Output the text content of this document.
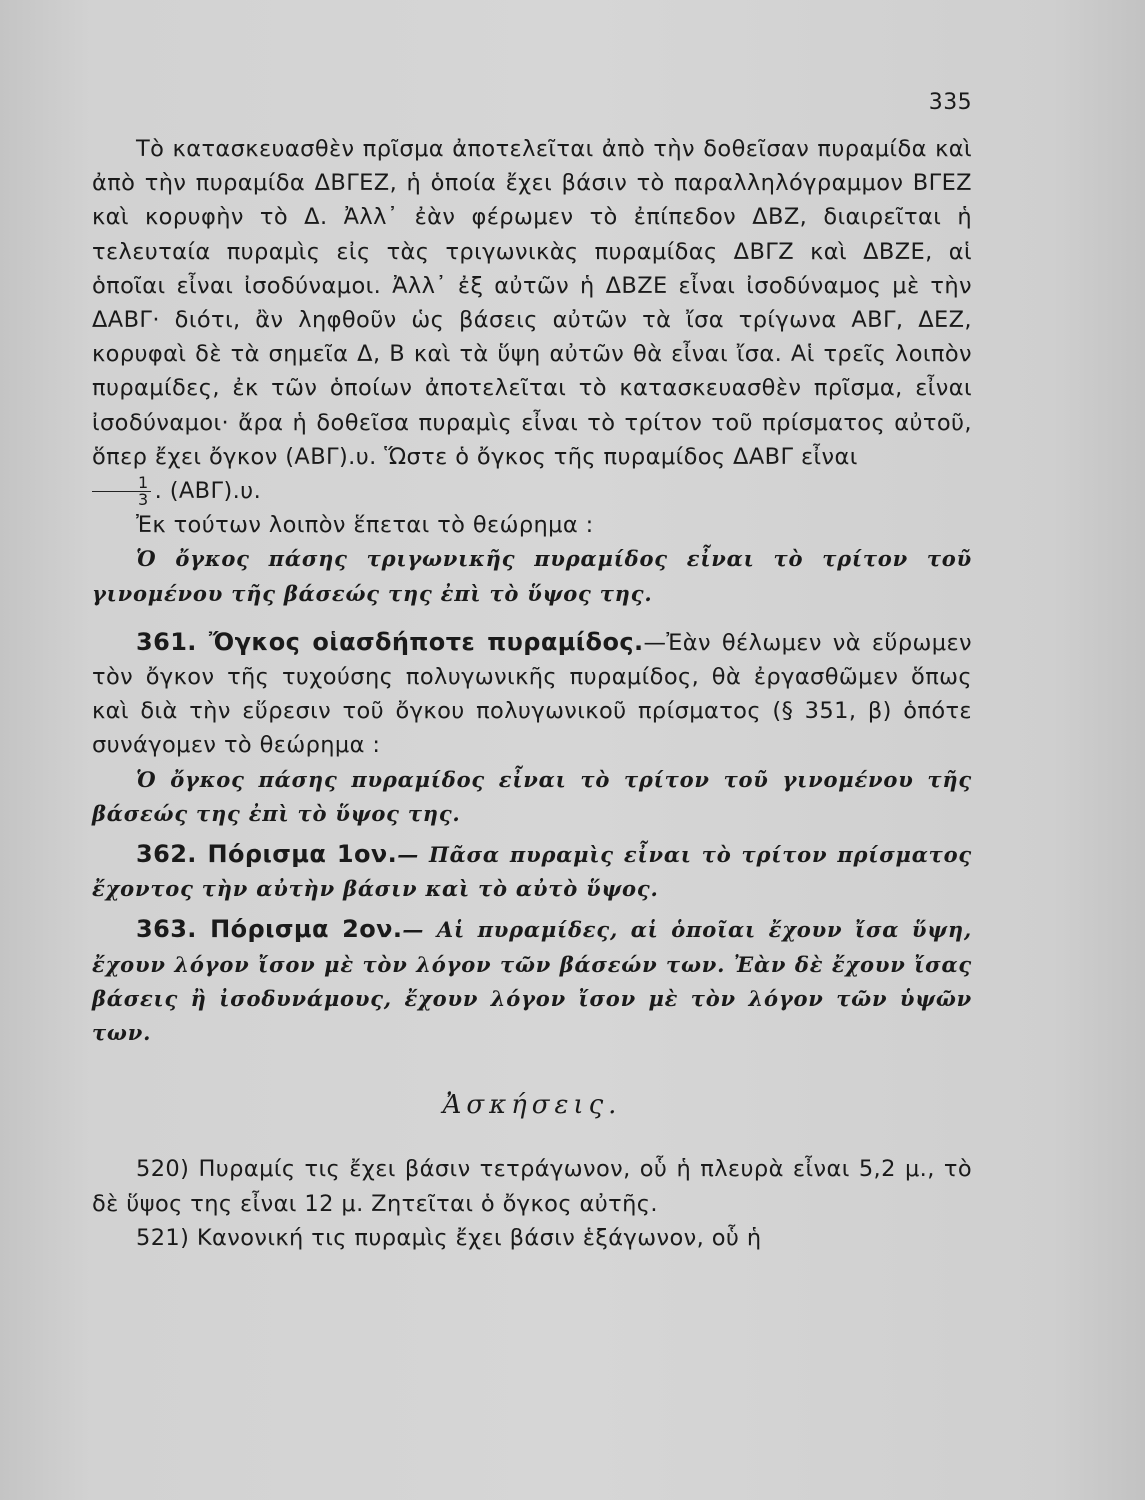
335

Τὸ κατασκευασθὲν πρῖσμα ἀποτελεῖται ἀπὸ τὴν δοθεῖσαν πυραμίδα καὶ ἀπὸ τὴν πυραμίδα ΔΒΓΕΖ, ἡ ὁποία ἔχει βάσιν τὸ παραλληλόγραμμον ΒΓΕΖ καὶ κορυφὴν τὸ Δ. Ἀλλ᾽ ἐὰν φέρωμεν τὸ ἐπίπεδον ΔΒΖ, διαιρεῖται ἡ τελευταία πυραμὶς εἰς τὰς τριγωνικὰς πυραμίδας ΔΒΓΖ καὶ ΔΒΖΕ, αἱ ὁποῖαι εἶναι ἰσοδύναμοι. Ἀλλ᾽ ἐξ αὐτῶν ἡ ΔΒΖΕ εἶναι ἰσοδύναμος μὲ τὴν ΔΑΒΓ· διότι, ἂν ληφθοῦν ὡς βάσεις αὐτῶν τὰ ἴσα τρίγωνα ΑΒΓ, ΔΕΖ, κορυφαὶ δὲ τὰ σημεῖα Δ, Β καὶ τὰ ὕψη αὐτῶν θὰ εἶναι ἴσα. Αἱ τρεῖς λοιπὸν πυραμίδες, ἐκ τῶν ὁποίων ἀποτελεῖται τὸ κατασκευασθὲν πρῖσμα, εἶναι ἰσοδύναμοι· ἄρα ἡ δοθεῖσα πυραμὶς εἶναι τὸ τρίτον τοῦ πρίσματος αὐτοῦ, ὅπερ ἔχει ὄγκον (ΑΒΓ).υ. Ὥστε ὁ ὄγκος τῆς πυραμίδος ΔΑΒΓ εἶναι

$\frac{1}{3}$ . (ΑΒΓ).υ.

Ἐκ τούτων λοιπὸν ἕπεται τὸ θεώρημα :

Ὁ ὄγκος πάσης τριγωνικῆς πυραμίδος εἶναι τὸ τρίτον τοῦ γινομένου τῆς βάσεώς της ἐπὶ τὸ ὕψος της.

361. Ὄγκος οἱασδήποτε πυραμίδος.—Ἐὰν θέλωμεν νὰ εὕρωμεν τὸν ὄγκον τῆς τυχούσης πολυγωνικῆς πυραμίδος, θὰ ἐργασθῶμεν ὅπως καὶ διὰ τὴν εὕρεσιν τοῦ ὄγκου πολυγωνικοῦ πρίσματος (§ 351, β) ὁπότε συνάγομεν τὸ θεώρημα :

Ὁ ὄγκος πάσης πυραμίδος εἶναι τὸ τρίτον τοῦ γινομένου τῆς βάσεώς της ἐπὶ τὸ ὕψος της.

362. Πόρισμα 1ον.— Πᾶσα πυραμὶς εἶναι τὸ τρίτον πρίσματος ἔχοντος τὴν αὐτὴν βάσιν καὶ τὸ αὐτὸ ὕψος.

363. Πόρισμα 2ον.— Αἱ πυραμίδες, αἱ ὁποῖαι ἔχουν ἴσα ὕψη, ἔχουν λόγον ἴσον μὲ τὸν λόγον τῶν βάσεών των. Ἐὰν δὲ ἔχουν ἴσας βάσεις ἢ ἰσοδυνάμους, ἔχουν λόγον ἴσον μὲ τὸν λόγον τῶν ὑψῶν των.

Ἀσκήσεις.

520) Πυραμίς τις ἔχει βάσιν τετράγωνον, οὗ ἡ πλευρὰ εἶναι 5,2 μ., τὸ δὲ ὕψος της εἶναι 12 μ. Ζητεῖται ὁ ὄγκος αὐτῆς.

521) Κανονική τις πυραμὶς ἔχει βάσιν ἑξάγωνον, οὗ ἡ
